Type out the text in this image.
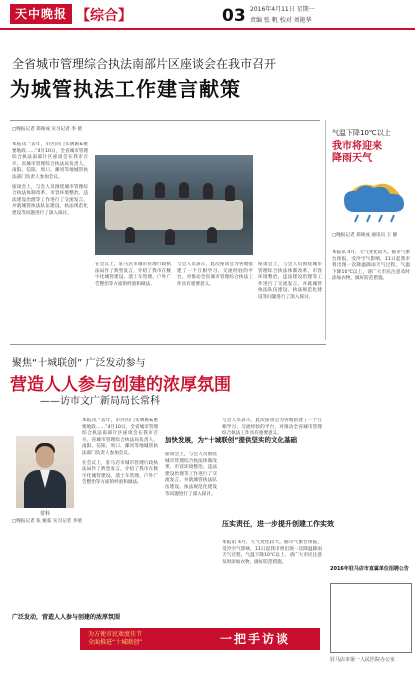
天中晚报 【综合】	03 2016年4月11日 星期一
责编 张 帆 校对 刘艳华
全省城市管理综合执法南部片区座谈会在我市召开
为城管执法工作建言献策
□晚报记者 郑俊成 实习记者 李 倩

本报讯 “去年，市区的门头牌匾&重要地段……”4月10日，全省城市管理综合执法南部片区座谈会在我市召开。省城市管理综合执法局负责人，南阳、信阳、周口、漯河等地城管执法部门负责人参加会议。

座谈会上，与会人员围绕城市管理综合执法体制改革、市容环境整治、违法建设治理等工作进行了交流发言，并就城管执法队伍建设、执法规范化建设等问题进行了深入探讨。

在会议上，驻马店市城市管理行政执法局作了典型发言，介绍了我市在数字化城管建设、渣土车管理、户外广告整治等方面的经验和做法。

与会人员表示，此次座谈会为各地搭建了一个互相学习、交流经验的平台，对推动全省城市管理综合执法工作具有重要意义。

座谈会上，与会人员围绕城市管理综合执法体制改革、市容环境整治、违法建设治理等工作进行了交流发言，并就城管执法队伍建设、执法规范化建设等问题进行了深入探讨。

气温下降10℃以上
我市将迎来
降雨天气
□晚报记者 郑俊成 通讯员 王 静

本报讯 4月，天气变化较大。据市气象台预报，受冷空气影响，11日起我市将出现一次降温降雨天气过程，气温下降10℃以上，请广大市民注意及时添加衣物，做好防范措施。

聚焦“十城联创” 广泛发动参与
营造人人参与创建的浓厚氛围
——访市文广新局局长常科
□晚报记者 张 娅茹 实习记者 李倩
常科

本报讯 “去年，市区的门头牌匾&重要地段……”4月10日，全省城市管理综合执法南部片区座谈会在我市召开。省城市管理综合执法局负责人，南阳、信阳、周口、漯河等地城管执法部门负责人参加会议。

在会议上，驻马店市城市管理行政执法局作了典型发言，介绍了我市在数字化城管建设、渣土车管理、户外广告整治等方面的经验和做法。

加快发展，为“十城联创”提供坚实的文化基础

座谈会上，与会人员围绕城市管理综合执法体制改革、市容环境整治、违法建设治理等工作进行了交流发言，并就城管执法队伍建设、执法规范化建设等问题进行了深入探讨。

与会人员表示，此次座谈会为各地搭建了一个互相学习、交流经验的平台，对推动全省城市管理综合执法工作具有重要意义。

压实责任，进一步提升创建工作实效

本报讯 4月，天气变化较大。据市气象台预报，受冷空气影响，11日起我市将出现一次降温降雨天气过程，气温下降10℃以上，请广大市民注意及时添加衣物，做好防范措施。

广泛发动，营造人人参与创建的浓厚氛围
为方便市民欢度佳节
全面推进“十城联创”	一把手访谈
2016年驻马店市直属单位招聘公告
驻马店市第一人民医院办公室
